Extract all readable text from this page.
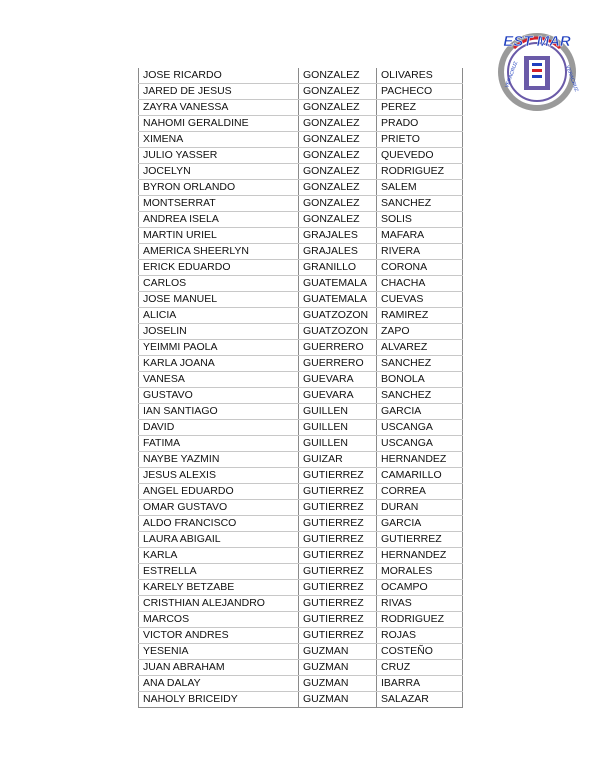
EST MAR
VERACRUZ	VERACRUZ
JOSE RICARDO	GONZALEZ	OLIVARES
JARED DE JESUS	GONZALEZ	PACHECO
ZAYRA VANESSA	GONZALEZ	PEREZ
NAHOMI GERALDINE	GONZALEZ	PRADO
XIMENA	GONZALEZ	PRIETO
JULIO YASSER	GONZALEZ	QUEVEDO
JOCELYN	GONZALEZ	RODRIGUEZ
BYRON ORLANDO	GONZALEZ	SALEM
MONTSERRAT	GONZALEZ	SANCHEZ
ANDREA ISELA	GONZALEZ	SOLIS
MARTIN URIEL	GRAJALES	MAFARA
AMERICA SHEERLYN	GRAJALES	RIVERA
ERICK EDUARDO	GRANILLO	CORONA
CARLOS	GUATEMALA	CHACHA
JOSE MANUEL	GUATEMALA	CUEVAS
ALICIA	GUATZOZON	RAMIREZ
JOSELIN	GUATZOZON	ZAPO
YEIMMI PAOLA	GUERRERO	ALVAREZ
KARLA JOANA	GUERRERO	SANCHEZ
VANESA	GUEVARA	BONOLA
GUSTAVO	GUEVARA	SANCHEZ
IAN SANTIAGO	GUILLEN	GARCIA
DAVID	GUILLEN	USCANGA
FATIMA	GUILLEN	USCANGA
NAYBE YAZMIN	GUIZAR	HERNANDEZ
JESUS ALEXIS	GUTIERREZ	CAMARILLO
ANGEL EDUARDO	GUTIERREZ	CORREA
OMAR GUSTAVO	GUTIERREZ	DURAN
ALDO FRANCISCO	GUTIERREZ	GARCIA
LAURA ABIGAIL	GUTIERREZ	GUTIERREZ
KARLA	GUTIERREZ	HERNANDEZ
ESTRELLA	GUTIERREZ	MORALES
KARELY BETZABE	GUTIERREZ	OCAMPO
CRISTHIAN ALEJANDRO	GUTIERREZ	RIVAS
MARCOS	GUTIERREZ	RODRIGUEZ
VICTOR ANDRES	GUTIERREZ	ROJAS
YESENIA	GUZMAN	COSTEÑO
JUAN ABRAHAM	GUZMAN	CRUZ
ANA DALAY	GUZMAN	IBARRA
NAHOLY BRICEIDY	GUZMAN	SALAZAR
